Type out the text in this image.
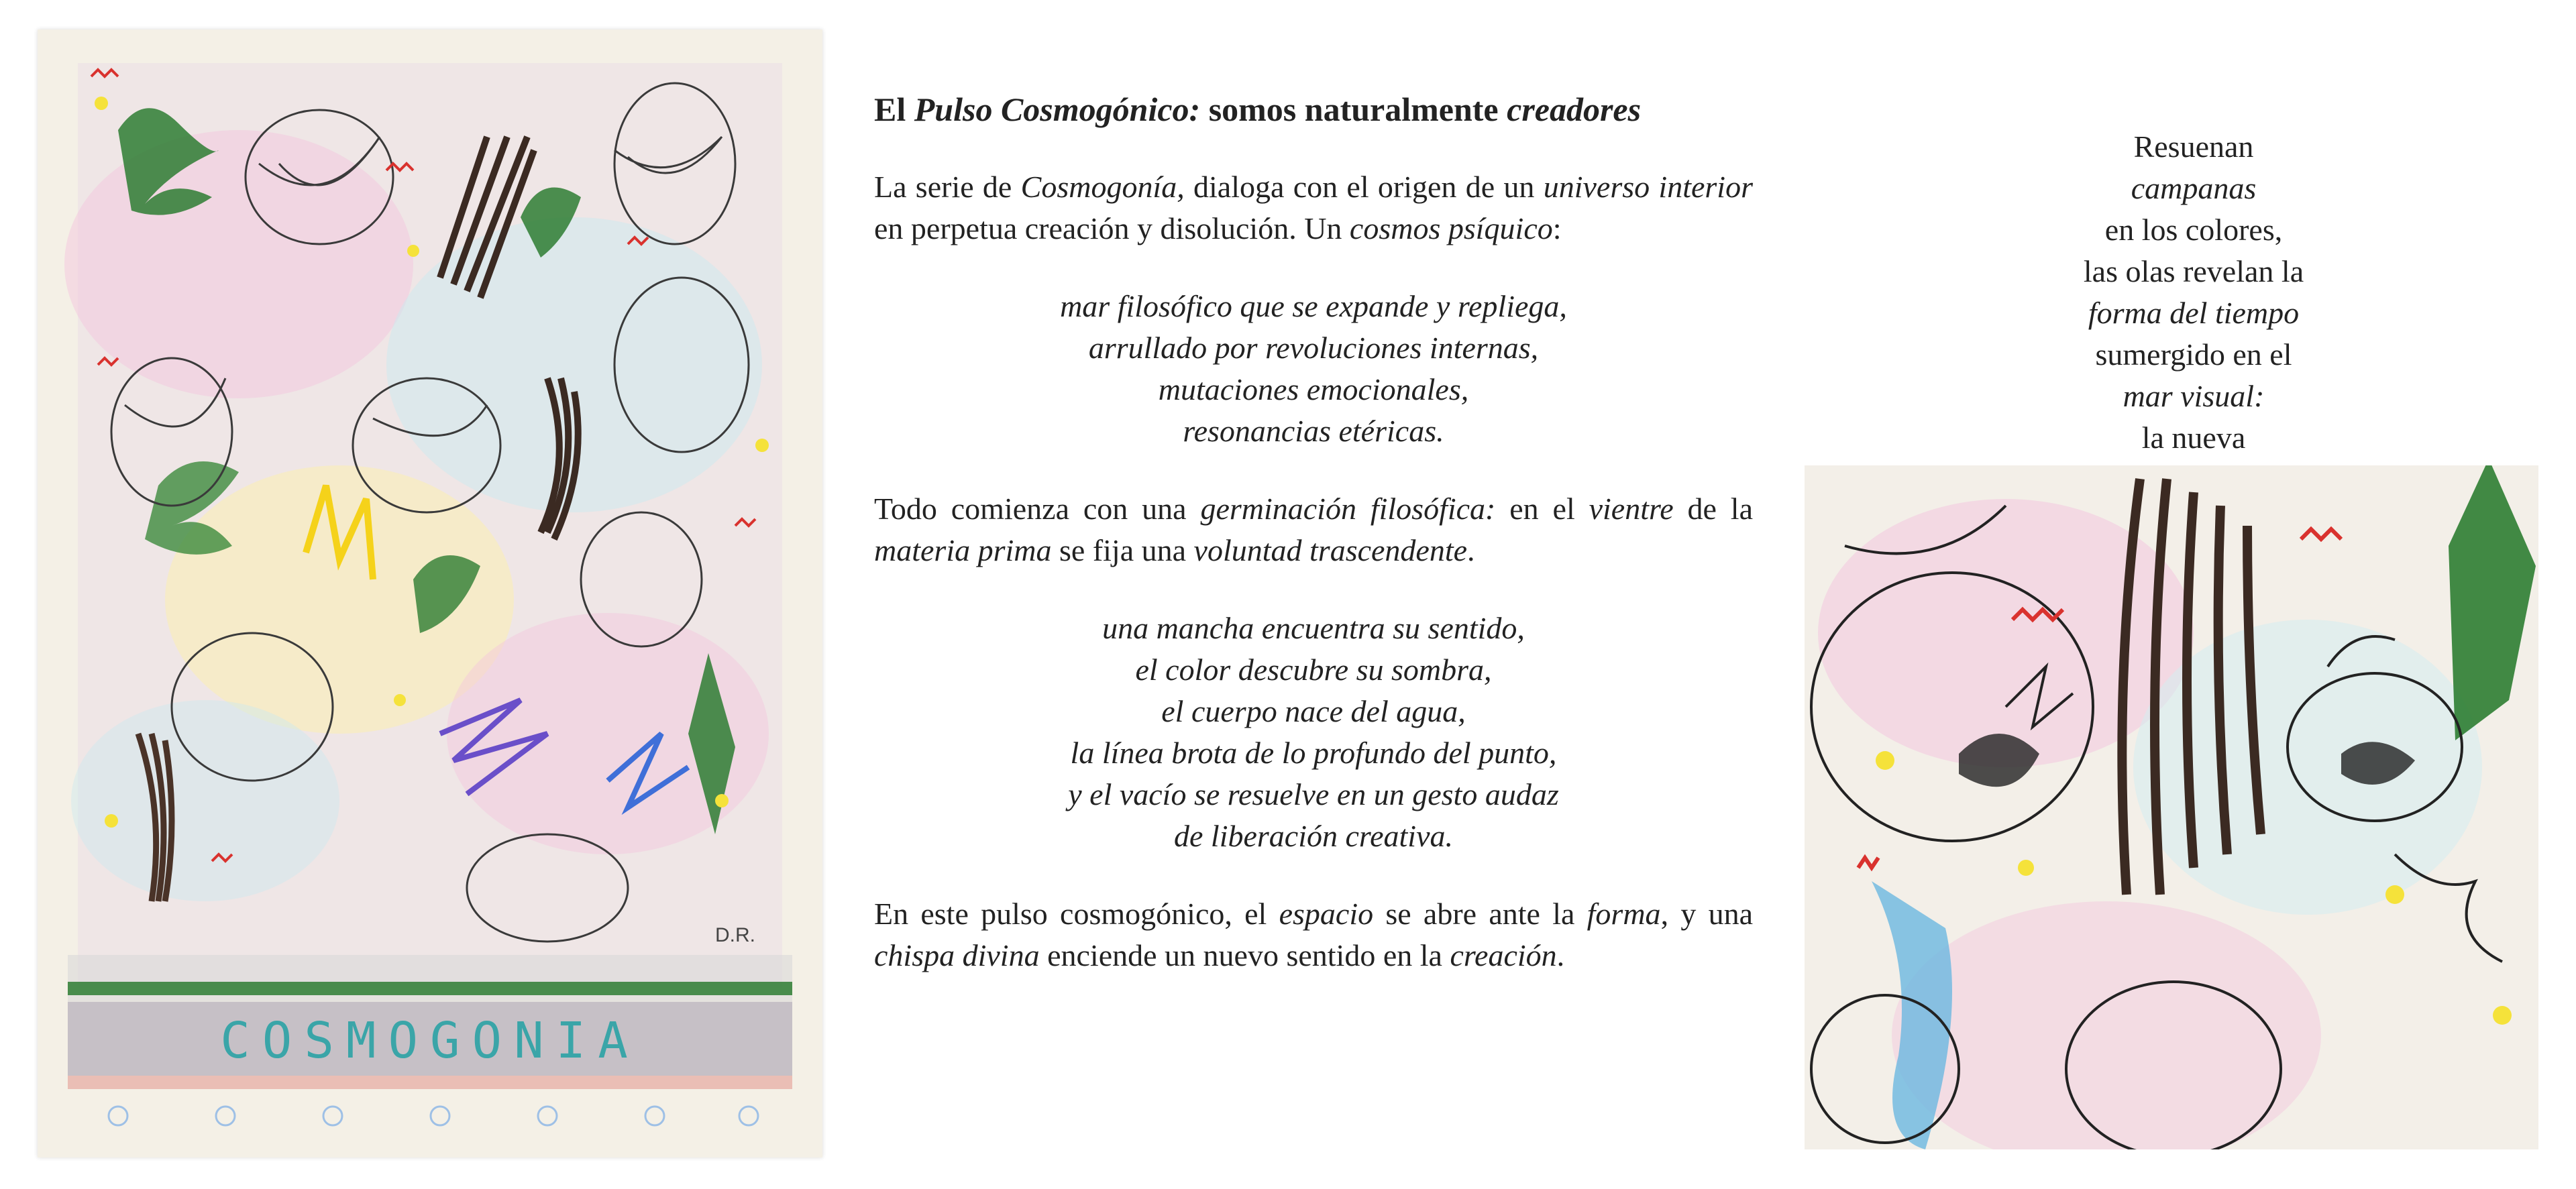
COSMOGONIA
D.R.
El Pulso Cosmogónico: somos naturalmente creadores
La serie de Cosmogonía, dialoga con el origen de un universo interior en perpetua creación y disolución. Un cosmos psíquico:
mar filosófico que se expande y repliega,
arrullado por revoluciones internas,
mutaciones emocionales,
resonancias etéricas.
Todo comienza con una germinación filosófica: en el vientre de la materia prima se fija una voluntad trascendente.
una mancha encuentra su sentido,
el color descubre su sombra,
el cuerpo nace del agua,
la línea brota de lo profundo del punto,
y el vacío se resuelve en un gesto audaz
de liberación creativa.
En este pulso cosmogónico, el espacio se abre ante la forma, y una chispa divina enciende un nuevo sentido en la creación.
Resuenan
campanas
en los colores,
las olas revelan la
forma del tiempo
sumergido en el
mar visual:
la nueva
